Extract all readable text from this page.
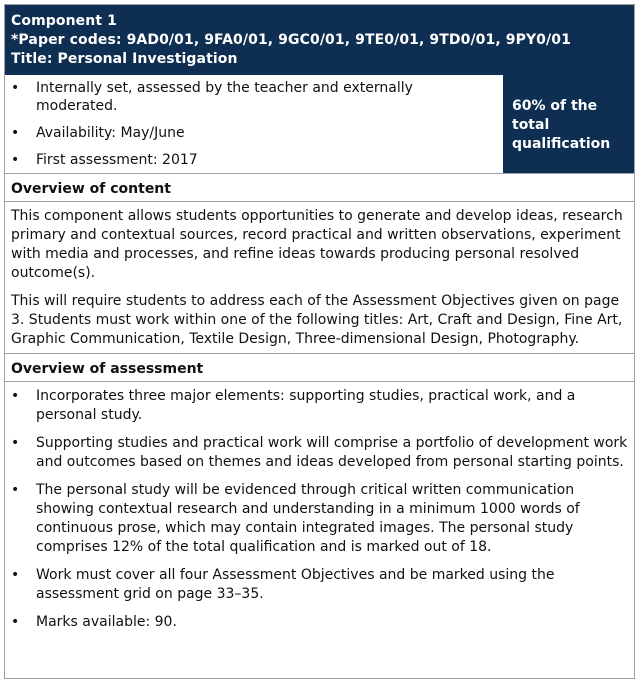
Component 1
*Paper codes: 9AD0/01, 9FA0/01, 9GC0/01, 9TE0/01, 9TD0/01, 9PY0/01
Title: Personal Investigation
•	Internally set, assessed by the teacher and externally moderated.
•	Availability: May/June
•	First assessment: 2017
60% of the total qualification
Overview of content

This component allows students opportunities to generate and develop ideas, research primary and contextual sources, record practical and written observations, experiment with media and processes, and refine ideas towards producing personal resolved outcome(s).

This will require students to address each of the Assessment Objectives given on page 3. Students must work within one of the following titles: Art, Craft and Design, Fine Art, Graphic Communication, Textile Design, Three-dimensional Design, Photography.

Overview of assessment
•	Incorporates three major elements: supporting studies, practical work, and a personal study.
•	Supporting studies and practical work will comprise a portfolio of development work and outcomes based on themes and ideas developed from personal starting points.
•	The personal study will be evidenced through critical written communication showing contextual research and understanding in a minimum 1000 words of continuous prose, which may contain integrated images. The personal study comprises 12% of the total qualification and is marked out of 18.
•	Work must cover all four Assessment Objectives and be marked using the assessment grid on page 33–35.
•	Marks available: 90.
